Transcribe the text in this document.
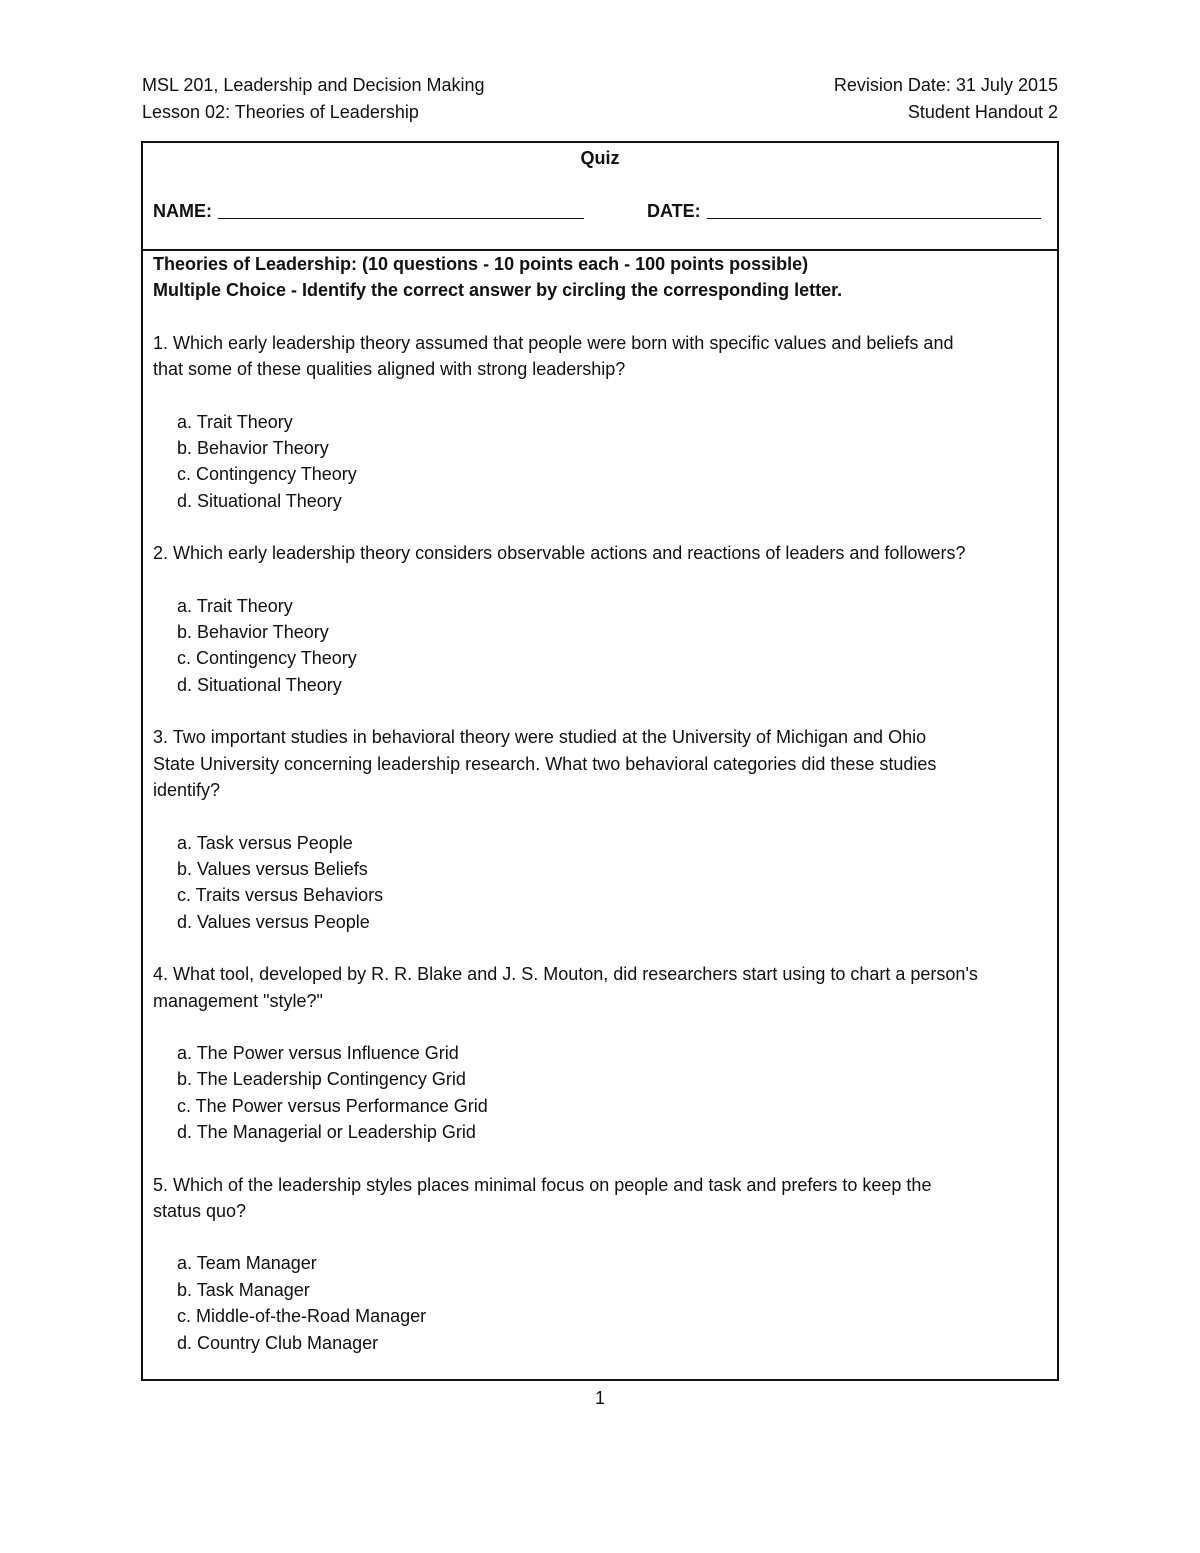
MSL 201, Leadership and Decision Making	Revision Date: 31 July 2015
Lesson 02: Theories of Leadership	Student Handout 2
Quiz
NAME:	DATE:
Theories of Leadership: (10 questions - 10 points each - 100 points possible)
Multiple Choice - Identify the correct answer by circling the corresponding letter.
1. Which early leadership theory assumed that people were born with specific values and beliefs and
that some of these qualities aligned with strong leadership?
a. Trait Theory
b. Behavior Theory
c. Contingency Theory
d. Situational Theory
2. Which early leadership theory considers observable actions and reactions of leaders and followers?
a. Trait Theory
b. Behavior Theory
c. Contingency Theory
d. Situational Theory
3. Two important studies in behavioral theory were studied at the University of Michigan and Ohio
State University concerning leadership research. What two behavioral categories did these studies
identify?
a. Task versus People
b. Values versus Beliefs
c. Traits versus Behaviors
d. Values versus People
4. What tool, developed by R. R. Blake and J. S. Mouton, did researchers start using to chart a person's
management "style?"
a. The Power versus Influence Grid
b. The Leadership Contingency Grid
c. The Power versus Performance Grid
d. The Managerial or Leadership Grid
5. Which of the leadership styles places minimal focus on people and task and prefers to keep the
status quo?
a. Team Manager
b. Task Manager
c. Middle-of-the-Road Manager
d. Country Club Manager
1
